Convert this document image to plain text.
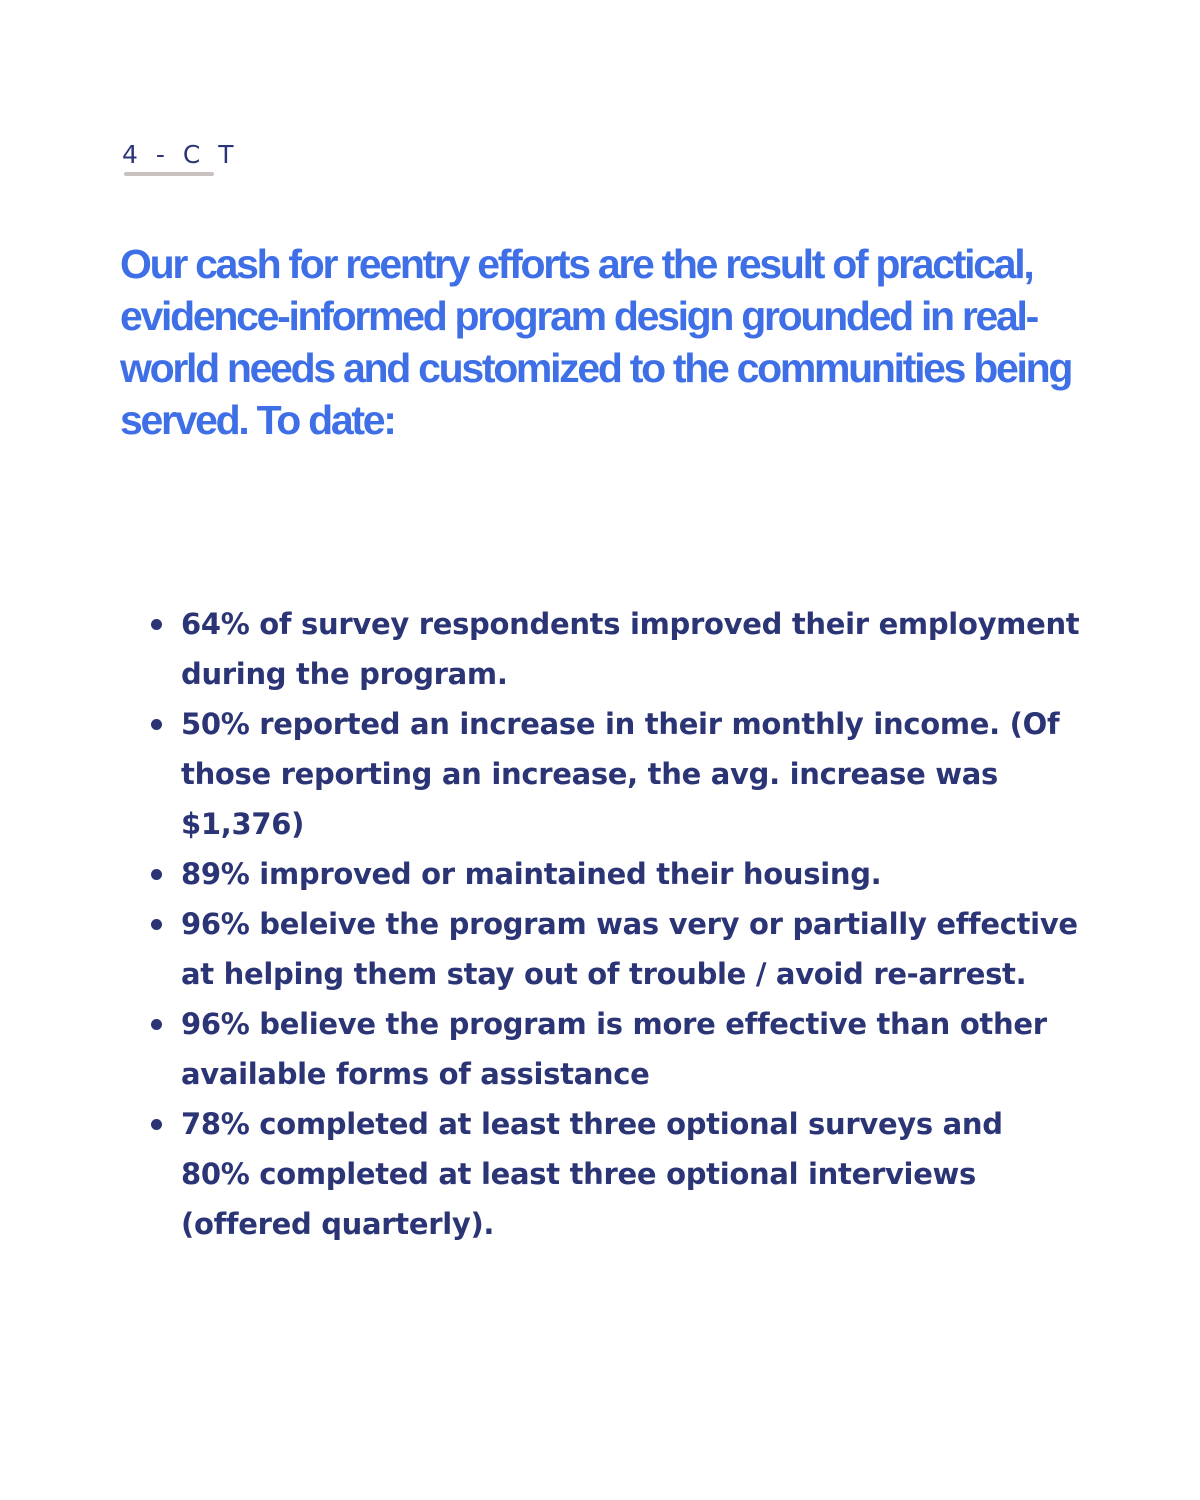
4 - C T
Our cash for reentry efforts are the result of practical, evidence-informed program design grounded in real-world needs and customized to the communities being served. To date:
64% of survey respondents improved their employment during the program.
50% reported an increase in their monthly income. (Of those reporting an increase, the avg. increase was $1,376)
89% improved or maintained their housing.
96% beleive the program was very or partially effective at helping them stay out of trouble / avoid re-arrest.
96% believe the program is more effective than other available forms of assistance
78% completed at least three optional surveys and 80% completed at least three optional interviews (offered quarterly).
